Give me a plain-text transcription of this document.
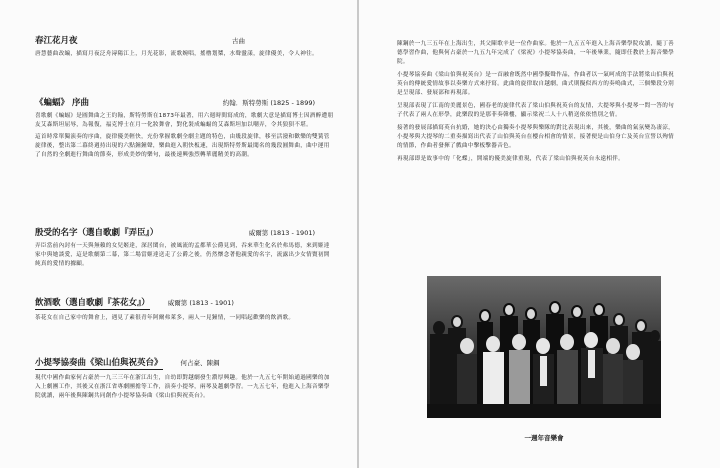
春江花月夜	古曲

唐慧藝曲改編，描寫月夜泛舟潯陽江上，月光花影，流歌婉唱，搖櫓划槳，水聲盪漾，旋律優美，令人神往。

《蝙蝠》 序曲	約翰．斯特勞斯 (1825 - 1899)

喜歌劇《蝙蝠》是圓舞曲之王約翰，斯特勞斯在1873年最著，用六週時間寫成的，歌劇大意是描寫博士因酒醉遭朋友艾森斯坦屈辱，為報復，福克博士在月一化妝舞會，對化裝成蝙蝠的艾森斯坦加以嘲弄，令其狼狽不堪。

這首時常單獨演奏的序曲，旋律優美輕快，充份掌握歌劇全劇主題的特色，由幾段旋律，移至活潑和歡樂的雙簧管旋律後，整出第二幕終週持出現的六點鐘鐘聲，樂曲進入朝快板速，出現斯特勞斯最聞名的幾段圓舞曲，曲中運用了自然的全劇進行舞曲的節奏，形成美妙的樂句，最後速興強烈轉華麗精美的高潮。

殷受的名字（選自歌劇『弄臣』）	威爾第 (1813 - 1901)

弄臣當前內封有一天與無賴的女兒姬達，深居閨台，被風流的孟都華公爵見到，吞來華生化名於弗馬德，來到姬達家中與她談愛，這是歌劇第二幕，第二場當姬達送走了公爵之後，仍然懷念著他親愛的名字，流露出少女情竇初開純真的愛情的據顧。

飲酒歌（選自歌劇『茶花女』）	威爾第 (1813 - 1901)

茶花女在自己家中的舞會上，遇見了素很青年阿爾弗萊多，兩人一見鐘情，一同唱起歡樂的飲酒歌。

小提琴協奏曲《梁山伯與祝英台》	何占豪、陳鋼

現代中國作曲家何占豪於一九三三年在浙江出生，自幼即對越劇發生濃厚興趣。他於一九五七年開始通過國樂的加入上劇團工作，其後又在浙江省專劇團擔等工作，演奏小提琴，兩琴及越劇學習。一九五七年，他進入上海音樂學院就讀，兩年後與陳鋼共同創作小提琴協奏曲《梁山伯與祝英台》。

陳鋼於一九三五年在上海出生，其父陳歌辛是一位作曲家。他於一九五五年進入上海音樂學院攻讀，隨丁善德學習作曲，他與何占豪於一九五九年完成了《梁祝》小提琴協奏曲，一年後畢業，隨即任教於上海音樂學院。

小提琴協奏曲《梁山伯與祝英台》是一首融會既然中國學擬聲作品，作曲者以一氣呵成的手法將梁山伯與祝英台的傳統愛情故事以奏樂方式來抒寫。此曲的旋律取自越劇，曲式則擬似西方的奏鳴曲式，三個樂段分別是呈現部、發展部和再現部。

呈現部表現了江南的美麗景色，國春老的旋律代表了梁山伯與祝英台的友情，大提琴與小提琴一問一答的句子代表了兩人在形學，此樂段的是那菲奏韓樓，顯示梁祝二人十八稍送依依惜別之情。

接著的發展部描寫英台抗婚，她的決心由獨奏小提琴與樂隊的對比表現出來，其後，樂曲的氣氛變為凄涼，小提琴與大提琴的二重奏描寫出代表了山伯與英台在樓台相會的情景，接著便是山伯身亡及英台宣誓以殉情的情節，作曲者發揮了戲曲中擊板擊器音色。

再現部即是故事中的「化蝶」，開端的優美旋律重現，代表了梁山伯與祝英台永遠相伴。

一週年音樂會
